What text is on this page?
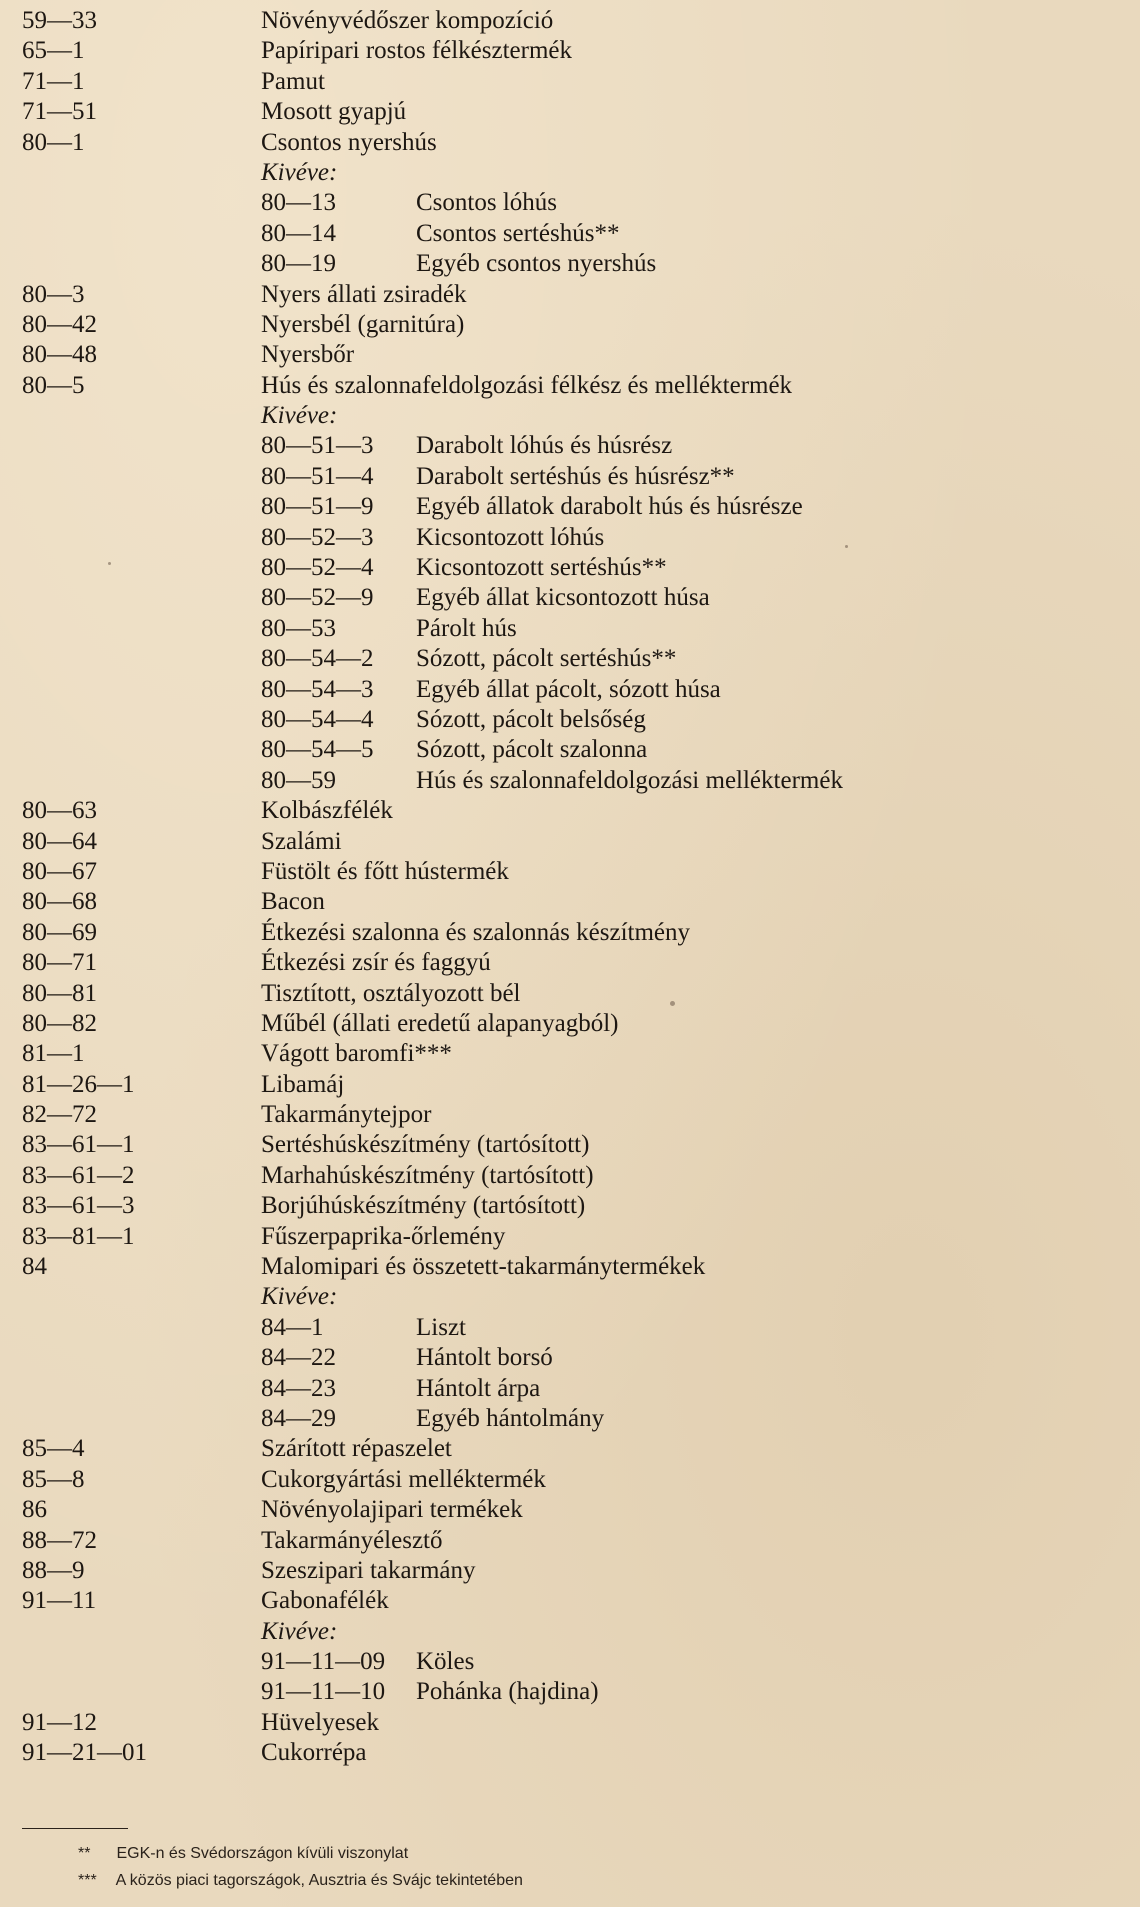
59—33	Növényvédőszer kompozíció
65—1	Papíripari rostos félkésztermék
71—1	Pamut
71—51	Mosott gyapjú
80—1	Csontos nyershús
Kivéve:
80—13	Csontos lóhús
80—14	Csontos sertéshús**
80—19	Egyéb csontos nyershús
80—3	Nyers állati zsiradék
80—42	Nyersbél (garnitúra)
80—48	Nyersbőr
80—5	Hús és szalonnafeldolgozási félkész és melléktermék
Kivéve:
80—51—3 Darabolt lóhús és húsrész
80—51—4 Darabolt sertéshús és húsrész**
80—51—9 Egyéb állatok darabolt hús és húsrésze
80—52—3 Kicsontozott lóhús
80—52—4 Kicsontozott sertéshús**
80—52—9 Egyéb állat kicsontozott húsa
80—53	Párolt hús
80—54—2 Sózott, pácolt sertéshús**
80—54—3 Egyéb állat pácolt, sózott húsa
80—54—4 Sózott, pácolt belsőség
80—54—5 Sózott, pácolt szalonna
80—59	Hús és szalonnafeldolgozási melléktermék
80—63	Kolbászfélék
80—64	Szalámi
80—67	Füstölt és főtt hústermék
80—68	Bacon
80—69	Étkezési szalonna és szalonnás készítmény
80—71	Étkezési zsír és faggyú
80—81	Tisztított, osztályozott bél
80—82	Műbél (állati eredetű alapanyagból)
81—1	Vágott baromfi***
81—26—1	Libamáj
82—72	Takarmánytejpor
83—61—1	Sertéshúskészítmény (tartósított)
83—61—2	Marhahúskészítmény (tartósított)
83—61—3	Borjúhúskészítmény (tartósított)
83—81—1	Fűszerpaprika-őrlemény
84	Malomipari és összetett-takarmánytermékek
Kivéve:
84—1	Liszt
84—22	Hántolt borsó
84—23	Hántolt árpa
84—29	Egyéb hántolmány
85—4	Szárított répaszelet
85—8	Cukorgyártási melléktermék
86	Növényolajipari termékek
88—72	Takarmányélesztő
88—9	Szeszipari takarmány
91—11	Gabonafélék
Kivéve:
91—11—09 Köles
91—11—10 Pohánka (hajdina)
91—12	Hüvelyesek
91—21—01	Cukorrépa
** EGK-n és Svédországon kívüli viszonylat
*** A közös piaci tagországok, Ausztria és Svájc tekintetében
